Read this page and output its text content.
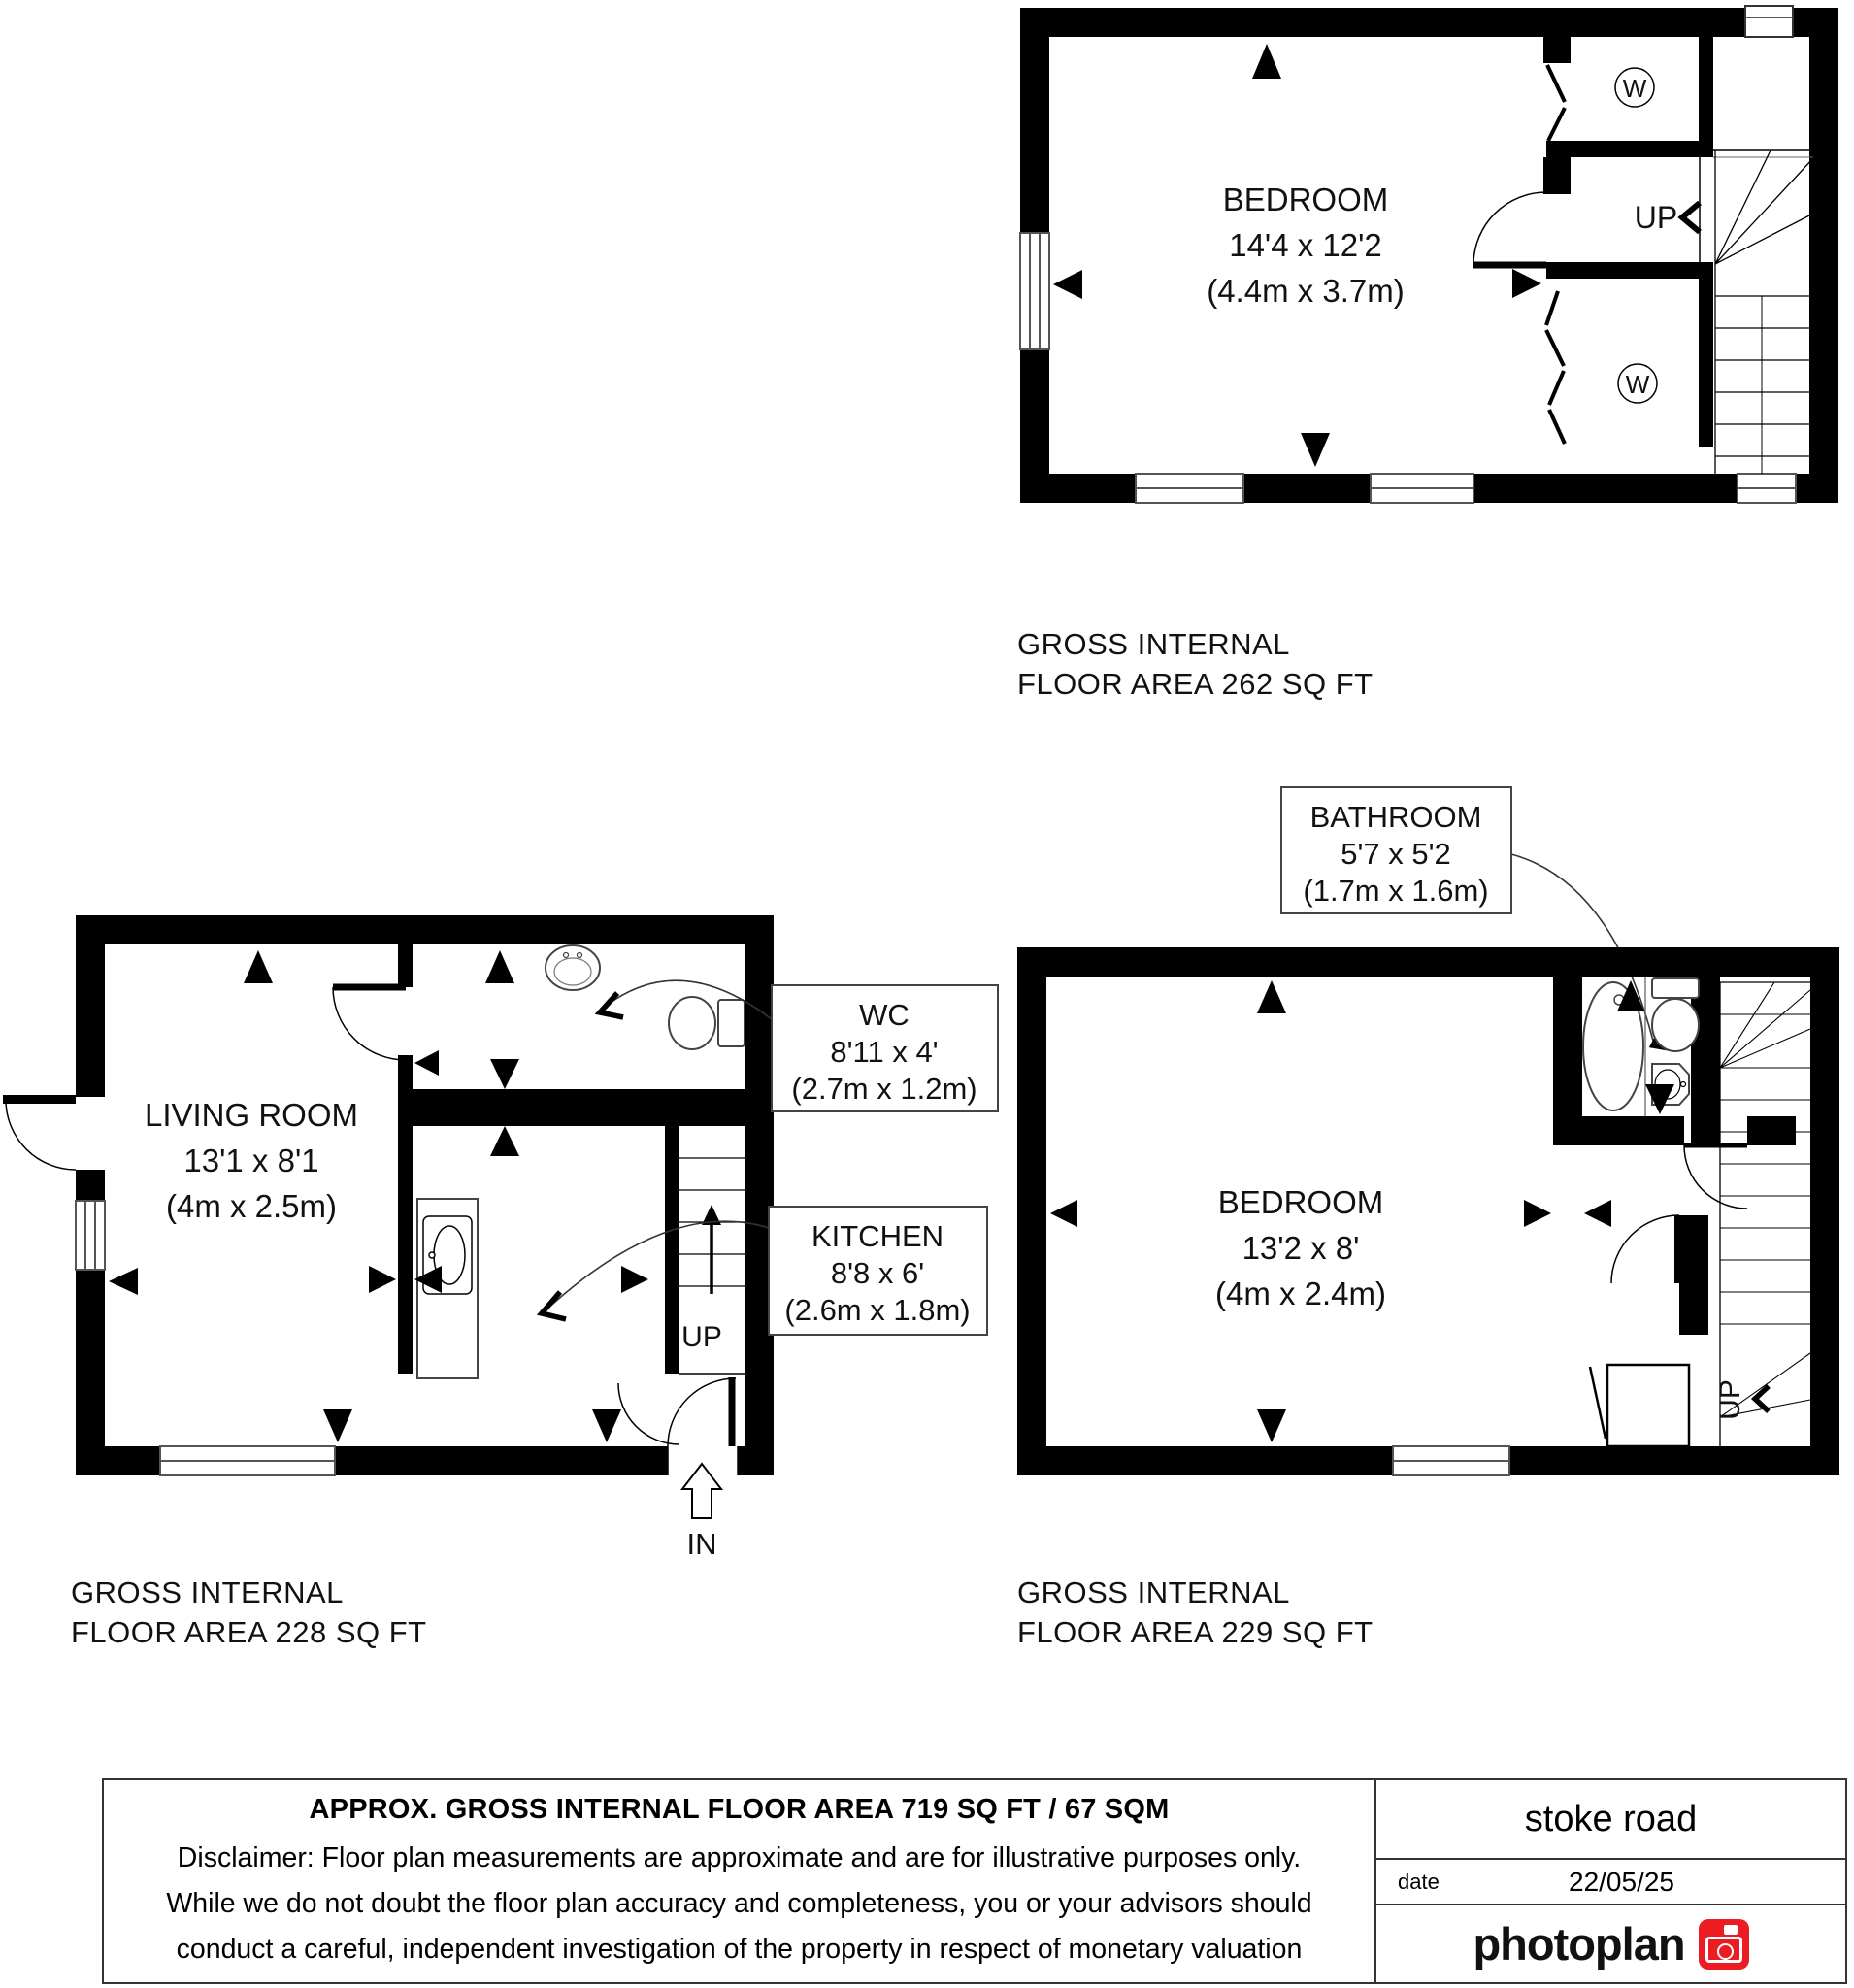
W
W
UP
BEDROOM
14'4 x 12'2
(4.4m x 3.7m)
GROSS INTERNAL
FLOOR AREA 262 SQ FT
LIVING ROOM
13'1 x 8'1
(4m x 2.5m)
UP
WC
8'11 x 4'
(2.7m x 1.2m)
KITCHEN
8'8 x 6'
(2.6m x 1.8m)
IN
GROSS INTERNAL
FLOOR AREA 228 SQ FT
BATHROOM
5'7 x 5'2
(1.7m x 1.6m)
BEDROOM
13'2 x 8'
(4m x 2.4m)
UP
GROSS INTERNAL
FLOOR AREA 229 SQ FT
APPROX. GROSS INTERNAL FLOOR AREA 719 SQ FT / 67 SQM
Disclaimer: Floor plan measurements are approximate and are for illustrative purposes only.
While we do not doubt the floor plan accuracy and completeness, you or your advisors should
conduct a careful, independent investigation of the property in respect of monetary valuation
stoke road
date	22/05/25
photoplan
